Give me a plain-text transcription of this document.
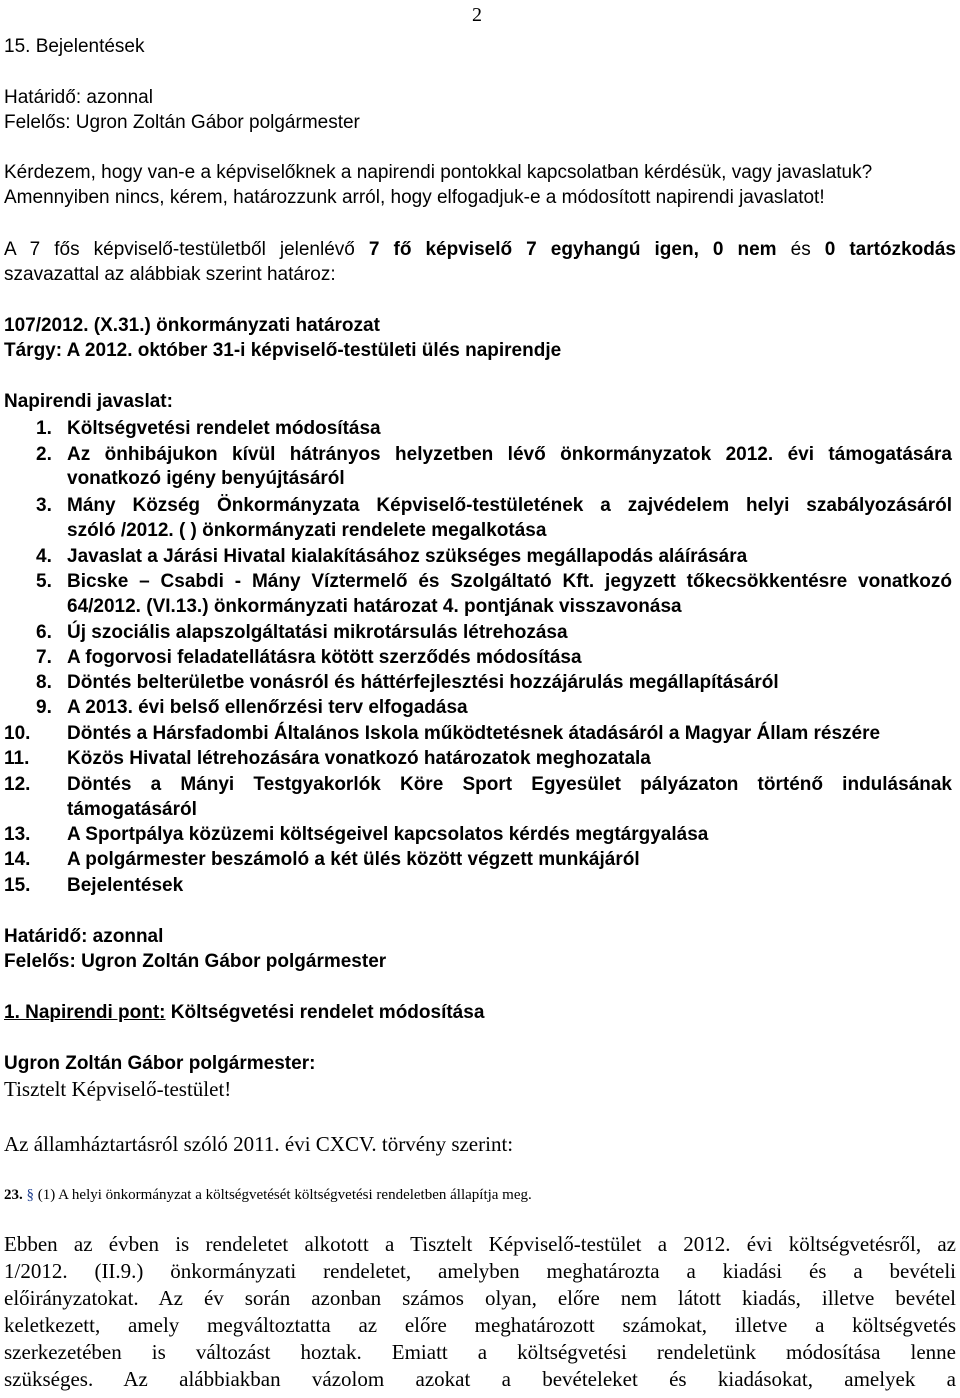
2
15. Bejelentések
Határidő: azonnal
Felelős: Ugron Zoltán Gábor polgármester
Kérdezem, hogy van-e a képviselőknek a napirendi pontokkal kapcsolatban kérdésük, vagy javaslatuk?
Amennyiben nincs, kérem, határozzunk arról, hogy elfogadjuk-e a módosított napirendi javaslatot!
A 7 fős képviselő-testületből jelenlévő 7 fő képviselő 7 egyhangú igen, 0 nem és 0 tartózkodás
szavazattal az alábbiak szerint határoz:
107/2012. (X.31.) önkormányzati határozat
Tárgy: A 2012. október 31-i képviselő-testületi ülés napirendje
Napirendi javaslat:
1. Költségvetési rendelet módosítása
2. Az önhibájukon kívül hátrányos helyzetben lévő önkormányzatok 2012. évi támogatására
vonatkozó igény benyújtásáról
3. Mány Község Önkormányzata Képviselő-testületének a zajvédelem helyi szabályozásáról
szóló /2012. ( ) önkormányzati rendelete megalkotása
4. Javaslat a Járási Hivatal kialakításához szükséges megállapodás aláírására
5. Bicske – Csabdi - Mány Víztermelő és Szolgáltató Kft. jegyzett tőkecsökkentésre vonatkozó
64/2012. (VI.13.) önkormányzati határozat 4. pontjának visszavonása
6. Új szociális alapszolgáltatási mikrotársulás létrehozása
7. A fogorvosi feladatellátásra kötött szerződés módosítása
8. Döntés belterületbe vonásról és háttérfejlesztési hozzájárulás megállapításáról
9. A 2013. évi belső ellenőrzési terv elfogadása
10. Döntés a Hársfadombi Általános Iskola működtetésnek átadásáról a Magyar Állam részére
11. Közös Hivatal létrehozására vonatkozó határozatok meghozatala
12. Döntés a Mányi Testgyakorlók Köre Sport Egyesület pályázaton történő indulásának
támogatásáról
13. A Sportpálya közüzemi költségeivel kapcsolatos kérdés megtárgyalása
14. A polgármester beszámoló a két ülés között végzett munkájáról
15. Bejelentések
Határidő: azonnal
Felelős: Ugron Zoltán Gábor polgármester
1. Napirendi pont: Költségvetési rendelet módosítása
Ugron Zoltán Gábor polgármester:
Tisztelt Képviselő-testület!
Az államháztartásról szóló 2011. évi CXCV. törvény szerint:
23. § (1) A helyi önkormányzat a költségvetését költségvetési rendeletben állapítja meg.
Ebben az évben is rendeletet alkotott a Tisztelt Képviselő-testület a 2012. évi költségvetésről, az
1/2012. (II.9.) önkormányzati rendeletet, amelyben meghatározta a kiadási és a bevételi
előirányzatokat. Az év során azonban számos olyan, előre nem látott kiadás, illetve bevétel
keletkezett, amely megváltoztatta az előre meghatározott számokat, illetve a költségvetés
szerkezetében is változást hoztak. Emiatt a költségvetési rendeletünk módosítása lenne
szükséges. Az alábbiakban vázolom azokat a bevételeket és kiadásokat, amelyek a
